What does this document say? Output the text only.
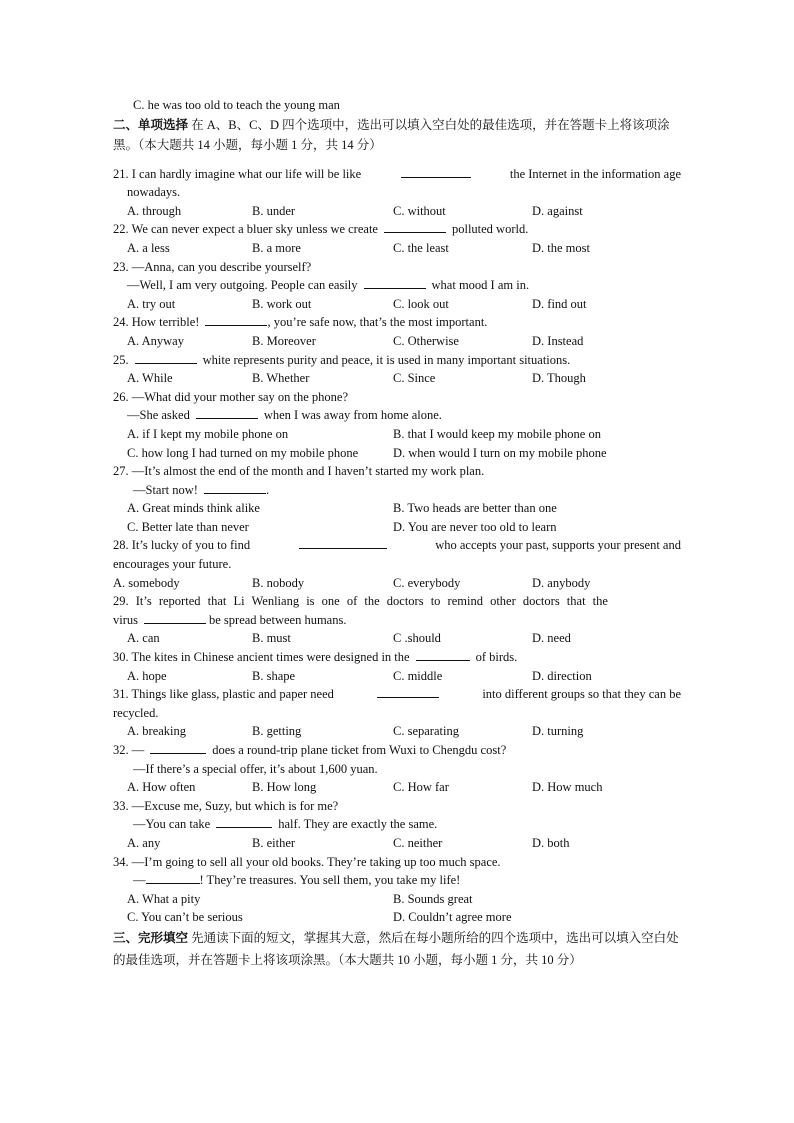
C. he was too old to teach the young man
二、单项选择 在 A、B、C、D 四个选项中，选出可以填入空白处的最佳选项，并在答题卡上将该项涂黑。（本大题共 14 小题，每小题 1 分，共 14 分）
21. I can hardly imagine what our life will be like	the Internet in the information age
nowadays.
A. through	B. under	C. without	D. against
22. We can never expect a bluer sky unless we create	polluted world.
A. a less	B. a more	C. the least	D. the most
23. —Anna, can you describe yourself?
—Well, I am very outgoing. People can easily	what mood I am in.
A. try out	B. work out	C. look out	D. find out
24. How terrible!	, you’re safe now, that’s the most important.
A. Anyway	B. Moreover	C. Otherwise	D. Instead
25.	white represents purity and peace, it is used in many important situations.
A. While	B. Whether	C. Since	D. Though
26. —What did your mother say on the phone?
—She asked	when I was away from home alone.
A. if I kept my mobile phone on	B. that I would keep my mobile phone on
C. how long I had turned on my mobile phone	D. when would I turn on my mobile phone
27. —It’s almost the end of the month and I haven’t started my work plan.
—Start now!	.
A. Great minds think alike	B. Two heads are better than one
C. Better late than never	D. You are never too old to learn
28. It’s lucky of you to find	who accepts your past, supports your present and
encourages your future.
A. somebody	B. nobody	C. everybody	D. anybody
29. It’s reported that Li Wenliang is one of the doctors to remind other doctors that the
virus	be spread between humans.
A. can	B. must	C .should	D. need
30. The kites in Chinese ancient times were designed in the	of birds.
A. hope	B. shape	C. middle	D. direction
31. Things like glass, plastic and paper need	into different groups so that they can be
recycled.
A. breaking	B. getting	C. separating	D. turning
32. —	does a round-trip plane ticket from Wuxi to Chengdu cost?
—If there’s a special offer, it’s about 1,600 yuan.
A. How often	B. How long	C. How far	D. How much
33. —Excuse me, Suzy, but which is for me?
—You can take	half. They are exactly the same.
A. any	B. either	C. neither	D. both
34. —I’m going to sell all your old books. They’re taking up too much space.
—	! They’re treasures. You sell them, you take my life!
A. What a pity	B. Sounds great
C. You can’t be serious	D. Couldn’t agree more
三、完形填空 先通读下面的短文，掌握其大意，然后在每小题所给的四个选项中，选出可以填入空白处的最佳选项，并在答题卡上将该项涂黑。（本大题共 10 小题，每小题 1 分，共 10 分）
